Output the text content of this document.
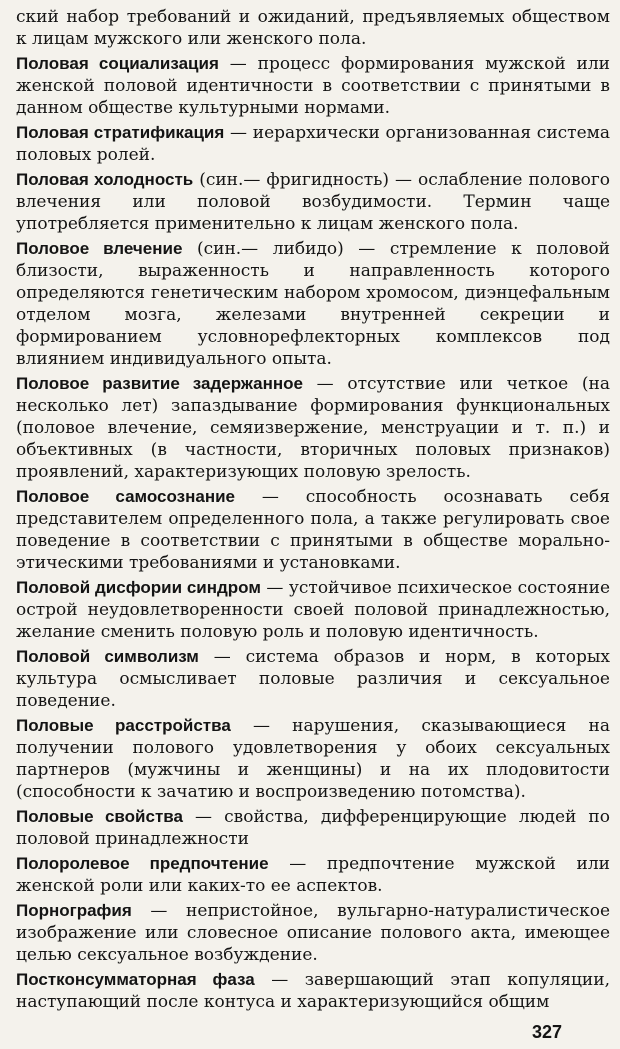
ский набор требований и ожиданий, предъявляемых обществом к лицам мужского или женского пола.

Половая социализация — процесс формирования мужской или женской половой идентичности в соответствии с принятыми в данном обществе культурными нормами.

Половая стратификация — иерархически организованная система половых ролей.

Половая холодность (син.— фригидность) — ослабление полового влечения или половой возбудимости. Термин чаще употребляется применительно к лицам женского пола.

Половое влечение (син.— либидо) — стремление к половой близости, выраженность и направленность которого определяются генетическим набором хромосом, диэнцефальным отделом мозга, железами внутренней секреции и формированием условнорефлекторных комплексов под влиянием индивидуального опыта.

Половое развитие задержанное — отсутствие или четкое (на несколько лет) запаздывание формирования функциональных (половое влечение, семяизвержение, менструации и т. п.) и объективных (в частности, вторичных половых признаков) проявлений, характеризующих половую зрелость.

Половое самосознание — способность осознавать себя представителем определенного пола, а также регулировать свое поведение в соответствии с принятыми в обществе морально-этическими требованиями и установками.

Половой дисфории синдром — устойчивое психическое состояние острой неудовлетворенности своей половой принадлежностью, желание сменить половую роль и половую идентичность.

Половой символизм — система образов и норм, в которых культура осмысливает половые различия и сексуальное поведение.

Половые расстройства — нарушения, сказывающиеся на получении полового удовлетворения у обоих сексуальных партнеров (мужчины и женщины) и на их плодовитости (способности к зачатию и воспроизведению потомства).

Половые свойства — свойства, дифференцирующие людей по половой принадлежности

Полоролевое предпочтение — предпочтение мужской или женской роли или каких-то ее аспектов.

Порнография — непристойное, вульгарно-натуралистическое изображение или словесное описание полового акта, имеющее целью сексуальное возбуждение.

Постконсумматорная фаза — завершающий этап копуляции, наступающий после контуса и характеризующийся общим

327
